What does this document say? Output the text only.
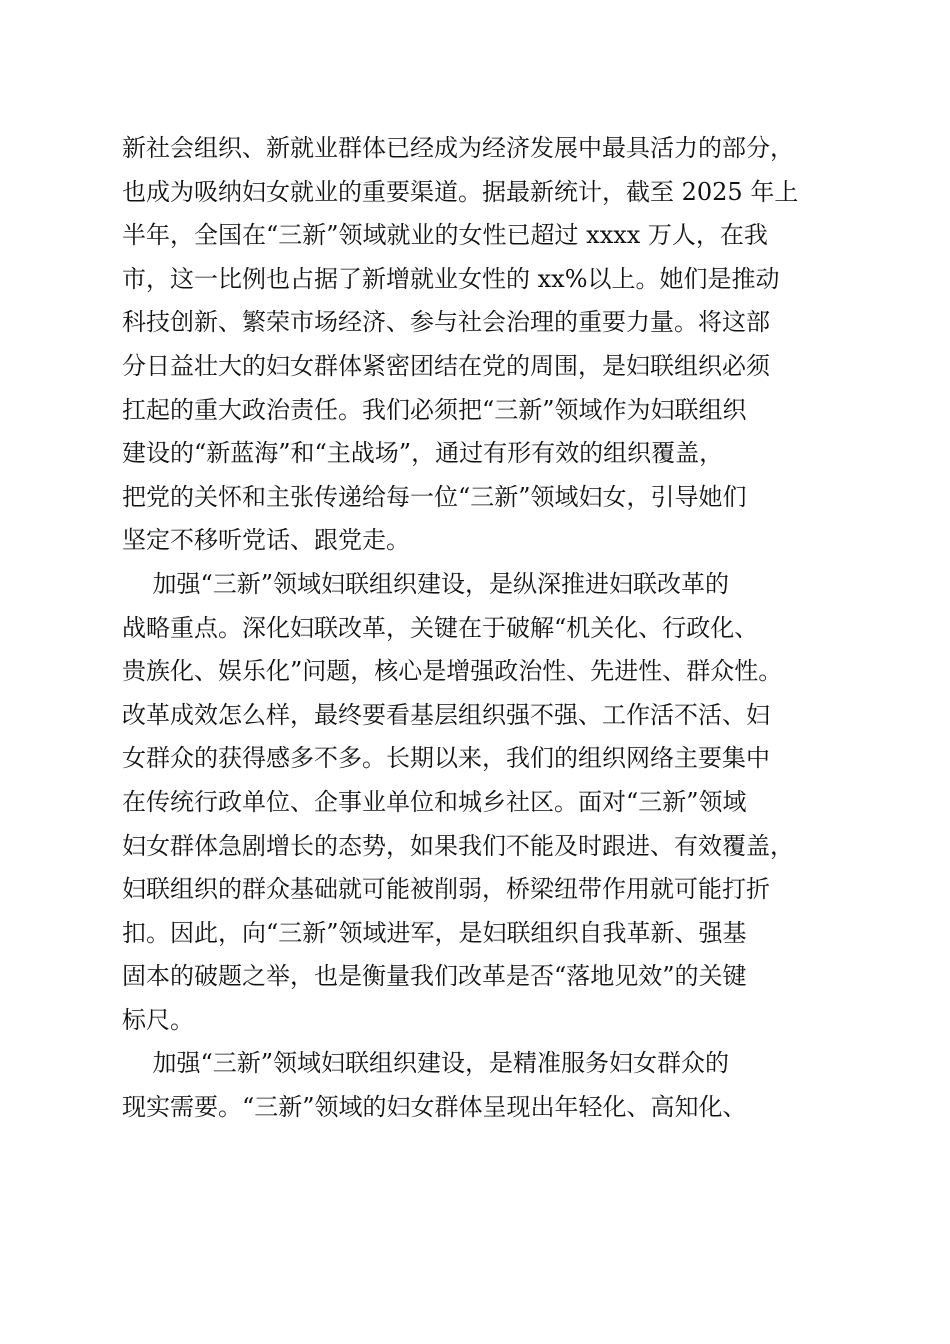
新社会组织、新就业群体已经成为经济发展中最具活力的部分，
也成为吸纳妇女就业的重要渠道。据最新统计，截至 2025 年上
半年，全国在“三新”领域就业的女性已超过 xxxx 万人，在我
市，这一比例也占据了新增就业女性的 xx%以上。她们是推动
科技创新、繁荣市场经济、参与社会治理的重要力量。将这部
分日益壮大的妇女群体紧密团结在党的周围，是妇联组织必须
扛起的重大政治责任。我们必须把“三新”领域作为妇联组织
建设的“新蓝海”和“主战场”，通过有形有效的组织覆盖，
把党的关怀和主张传递给每一位“三新”领域妇女，引导她们
坚定不移听党话、跟党走。
加强“三新”领域妇联组织建设，是纵深推进妇联改革的
战略重点。深化妇联改革，关键在于破解“机关化、行政化、
贵族化、娱乐化”问题，核心是增强政治性、先进性、群众性。
改革成效怎么样，最终要看基层组织强不强、工作活不活、妇
女群众的获得感多不多。长期以来，我们的组织网络主要集中
在传统行政单位、企事业单位和城乡社区。面对“三新”领域
妇女群体急剧增长的态势，如果我们不能及时跟进、有效覆盖，
妇联组织的群众基础就可能被削弱，桥梁纽带作用就可能打折
扣。因此，向“三新”领域进军，是妇联组织自我革新、强基
固本的破题之举，也是衡量我们改革是否“落地见效”的关键
标尺。
加强“三新”领域妇联组织建设，是精准服务妇女群众的
现实需要。“三新”领域的妇女群体呈现出年轻化、高知化、
